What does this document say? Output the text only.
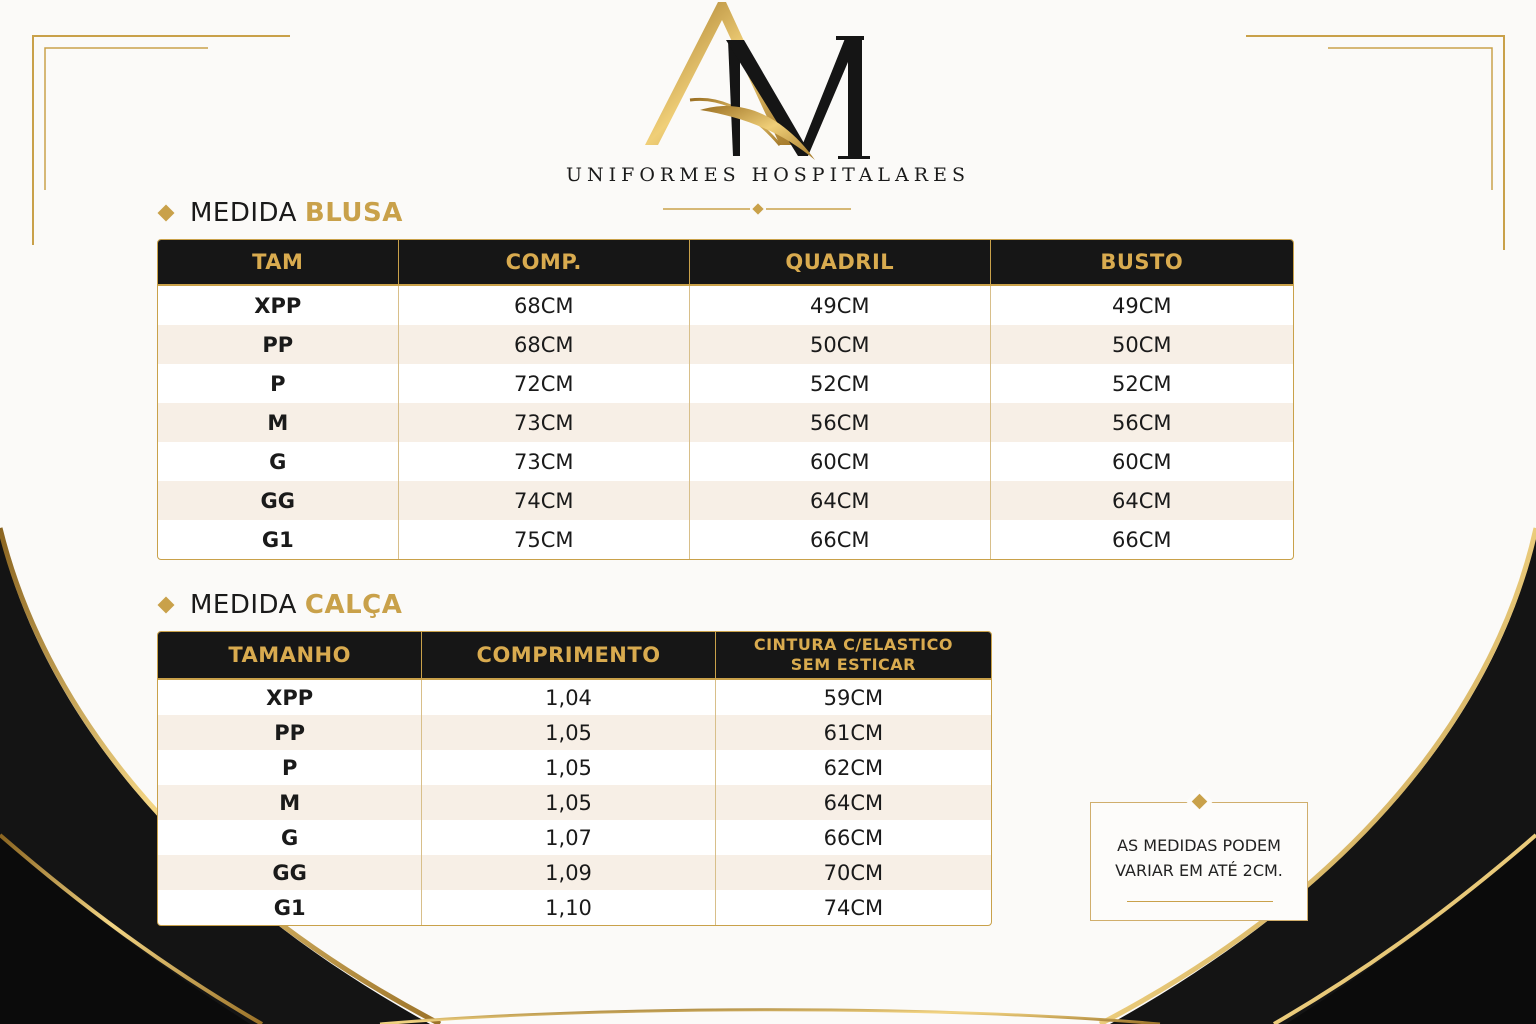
UNIFORMES HOSPITALARES
MEDIDA BLUSA
TAM	COMP.	QUADRIL	BUSTO
XPP	68CM	49CM	49CM
PP	68CM	50CM	50CM
P	72CM	52CM	52CM
M	73CM	56CM	56CM
G	73CM	60CM	60CM
GG	74CM	64CM	64CM
G1	75CM	66CM	66CM
MEDIDA CALÇA
TAMANHO	COMPRIMENTO	CINTURA C/ELASTICO
SEM ESTICAR

XPP	1,04	59CM
PP	1,05	61CM
P	1,05	62CM
M	1,05	64CM
G	1,07	66CM
GG	1,09	70CM
G1	1,10	74CM
AS MEDIDAS PODEM
VARIAR EM ATÉ 2CM.
